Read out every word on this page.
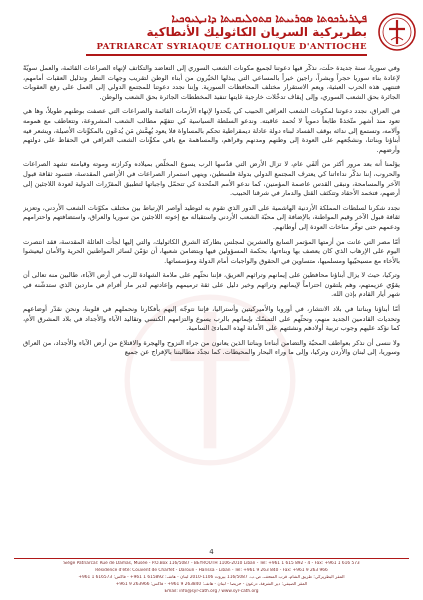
ܦܛܪܝܪܟܘܬܐ ܣܘܪܝܝܬܐ ܩܬܘܠܝܩܝܬܐ ܕܐܢܛܝܘܟܝܐ
بطريركية السريان الكاثوليك الأنطاكية
PATRIARCAT SYRIAQUE CATHOLIQUE D'ANTIOCHE

وفي سوريا، سنة جديدة حلّت، نذكّر فيها دعوتنا لجميع مكونات الشعب السوري إلى التعاضد والتكاتف لإنهاء الصراعات القائمة، والعمل سويّةً لإعادة بناء سوريا حجراً وبشراً، راجين خيراً بالمساعي التي يبذلها الخيّرون من أبناء الوطن لتقريب وجهات النظر وتذليل العقبات أمامهم، فتنتهي هذه الحرب العبثية، ويعم الاستقرار مختلف المحافظات السورية. وإننا نجدد دعوتنا للمجتمع الدولي إلى العمل على رفع العقوبات الجائرة بحق الشعب السوري، وإلى إيقاف تدخّلات خارجية غايتها تنفيذ المخططات الجائرة بحق الشعب والوطن.

في العراق، نجدد دعوتنا لمكونات الشعب العراقي الحبيب كي يتّحدوا لإنهاء الأزمات القائمة والصراعات التي عصفت بوطنهم طويلاً، وها هي تعود منذ أشهر متّخذةً طابعاً دموياً لا تُحمد عاقبته. وندعو السلطة السياسية كي تتفهّم مطالب الشعب المشروعة، وتتعاطف مع همومه وآلامه، وتستمع إلى ندائه بوقف الفساد لبناء دولة عادلة ديمقراطية تحكم بالمساواة فلا يعود يُهمَّش مَن يُدعَون بالمكوِّنات الأصيلة، ويشعر فيه أبناؤنا وبناتنا، ونشجّعهم على العودة إلى وطنهم ومدنهم وقراهم، والمساهمة مع باقي مكوِّنات الشعب العراقي في الحفاظ على دولتهم وأرضهم.

يؤلمنا أنه بعد مرور أكثر من ألفَي عام، لا تزال الأرض التي قدّسها الرب يسوع المخلّص بميلاده وكرازته وموته وقيامته تشهد الصراعات والحروب، إننا نذكّر نداءاتنا كي يعترف المجتمع الدولي بدولة فلسطين، وينهي استمرار الصراعات في الأراضي المقدسة، فتسود ثقافة قبول الآخر والمسامحة، ونبقى القدس عاصمة المؤمنين، كما ندعو الأمم المتّحدة كي تتحمّل واجباتها لتطبيق المقرّرات الدولية لعودة اللاجئين إلى أرضهم، فتخمد الأحقاد وتتكثف القتل والدمار في شرقنا الحبيب.

نجدد شكرنا لسلطات المملكة الأردنية الهاشمية على الدور الذي تقوم به لتوطيد أواصر الإرتباط بين مختلف مكوّنات الشعب الأردني، وتعزيز ثقافة قبول الآخر وقيم المواطنة، بالإضافة إلى محبّة الشعب الأردني واستقباله مع إخوته اللاجئين من سوريا والعراق، واستضافتهم واحترامهم ودعمهم حتى توفّر مناخات العودة إلى أوطانهم.

أمّا مصر التي عانت من أزمتها المؤتمر السابع والعشرين لمجلس بطاركة الشرق الكاثوليك، والتي إليها لجأت العائلة المقدسة، فقد انتصرت اليوم على الإرهاب الذي كان يعصف بها وبناءتها، بحكمة المسؤولين فيها وبتضامن شعبها، أن تؤمّن لسائر المواطنين الحرية والأمان ليعيشوا بالأخاء مع مسيحيّيها ومسلميها، متساوين في الحقوق والواجبات أمام الدولة ومؤسساتها.

وتركيا، حيث لا يزال أبناؤنا محافظين على إيمانهم وتراثهم العريق، فإننا نحثّهم على ملامة الشهادة للرب في أرض الآباء، طالبين منه تعالى أن يقوّي عزيمتهم، وهم يلتقون احتراماً لإيمانهم وتراثهم وخير دليل على ثقة ترميمهم وإعادتهم لدير مار أفرام في ماردين الذي ستدشّنه في شهر أيار القادم بإذن الله.

أمّا أبناؤنا وبناتنا في بلاد الانتشار، في أوروبا والأميركيتين وأستراليا، فإننا نتوجّه إليهم بأفكارنا ونحملهم في قلوبنا، ونحن نقدّر أوضاعهم وتحديات القادمين الجديد منهم، ونحثّهم على التمسّك بإيمانهم بالرب يسوع والتزامهم الكنسي وتقاليد الآباء والأجداد في بلاد المشرق الأم، كما نؤكد عليهم وجوب تربية أولادهم ونشئتهم على الأمانة لهذه المبادئ السامية.

ولا ننسى أن نذكر بعواطف المحبّة والتضامن أبناءنا وبناتنا الذين يعانون من جراء النزوح والهجرة والاقتلاع من أرض الآباء والأجداد، من العراق وسوريا، إلى لبنان والأردن وتركيا، وإلى ما وراء البحار والمحيطات. كما نجدّد مطالبتنا بالإفراج عن جميع

4
Siège Patriarcal: Rue de Damas, Musée - P.O.Box 116/5087 - BEYROUTH 1106-2010 Liban - Tel: +961 1 615 892 - 4 - Fax: +961 1 616 573
Résidence d'été: Couvent de Charfet - Daroun - Harissa - Liban - Tel: +961 9 263 840 - Fax: +961 9 263 966
المقر البطريركي: طريق الشام، قرب المتحف، ص.ب. 116/5087 بيروت 1106-2010 لبنان - هاتف: 615892 1 961+ - فاكس: 616573 1 961+
المقر الصيفي: دير الشرفة، درعون - حريصا - لبنان - هاتف: 263840 9 961+ - فاكس: 263966 9 961+
Email: info@syr-cath.org / www.syr-cath.org
